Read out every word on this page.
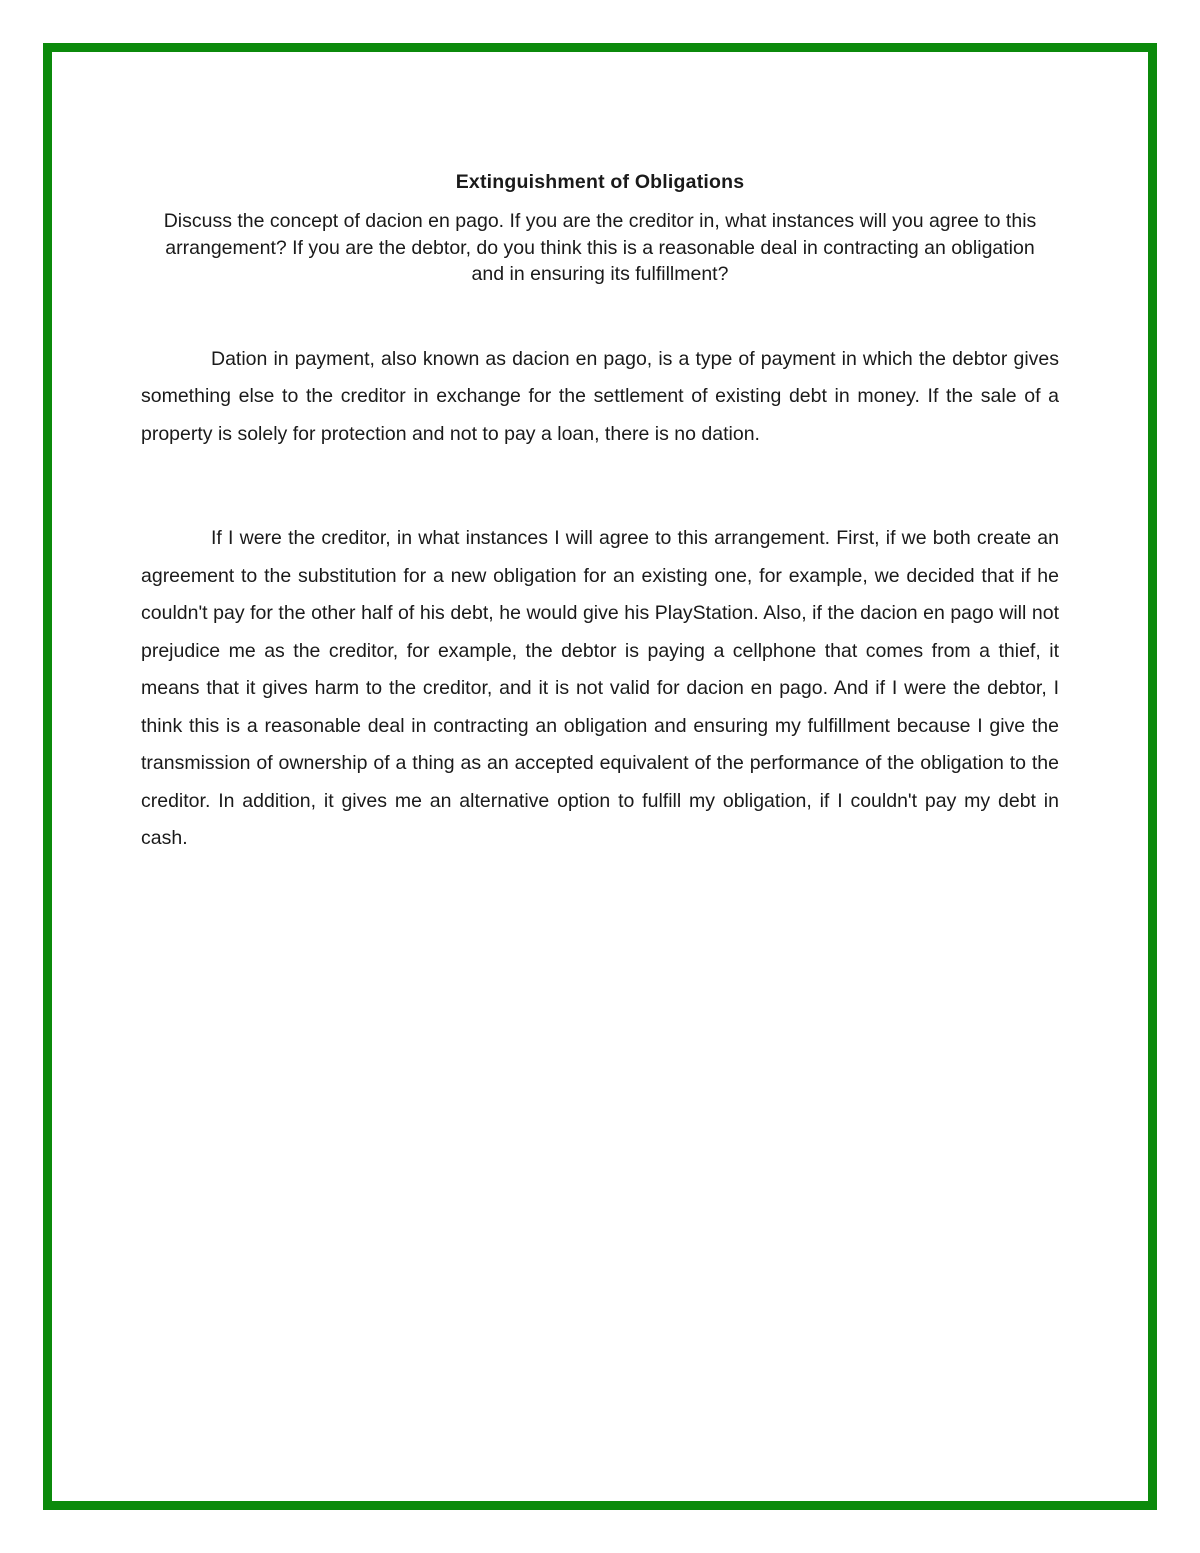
Extinguishment of Obligations

Discuss the concept of dacion en pago. If you are the creditor in, what instances will you agree to this arrangement? If you are the debtor, do you think this is a reasonable deal in contracting an obligation and in ensuring its fulfillment?

Dation in payment, also known as dacion en pago, is a type of payment in which the debtor gives something else to the creditor in exchange for the settlement of existing debt in money. If the sale of a property is solely for protection and not to pay a loan, there is no dation.

If I were the creditor, in what instances I will agree to this arrangement. First, if we both create an agreement to the substitution for a new obligation for an existing one, for example, we decided that if he couldn't pay for the other half of his debt, he would give his PlayStation. Also, if the dacion en pago will not prejudice me as the creditor, for example, the debtor is paying a cellphone that comes from a thief, it means that it gives harm to the creditor, and it is not valid for dacion en pago. And if I were the debtor, I think this is a reasonable deal in contracting an obligation and ensuring my fulfillment because I give the transmission of ownership of a thing as an accepted equivalent of the performance of the obligation to the creditor. In addition, it gives me an alternative option to fulfill my obligation, if I couldn't pay my debt in cash.
